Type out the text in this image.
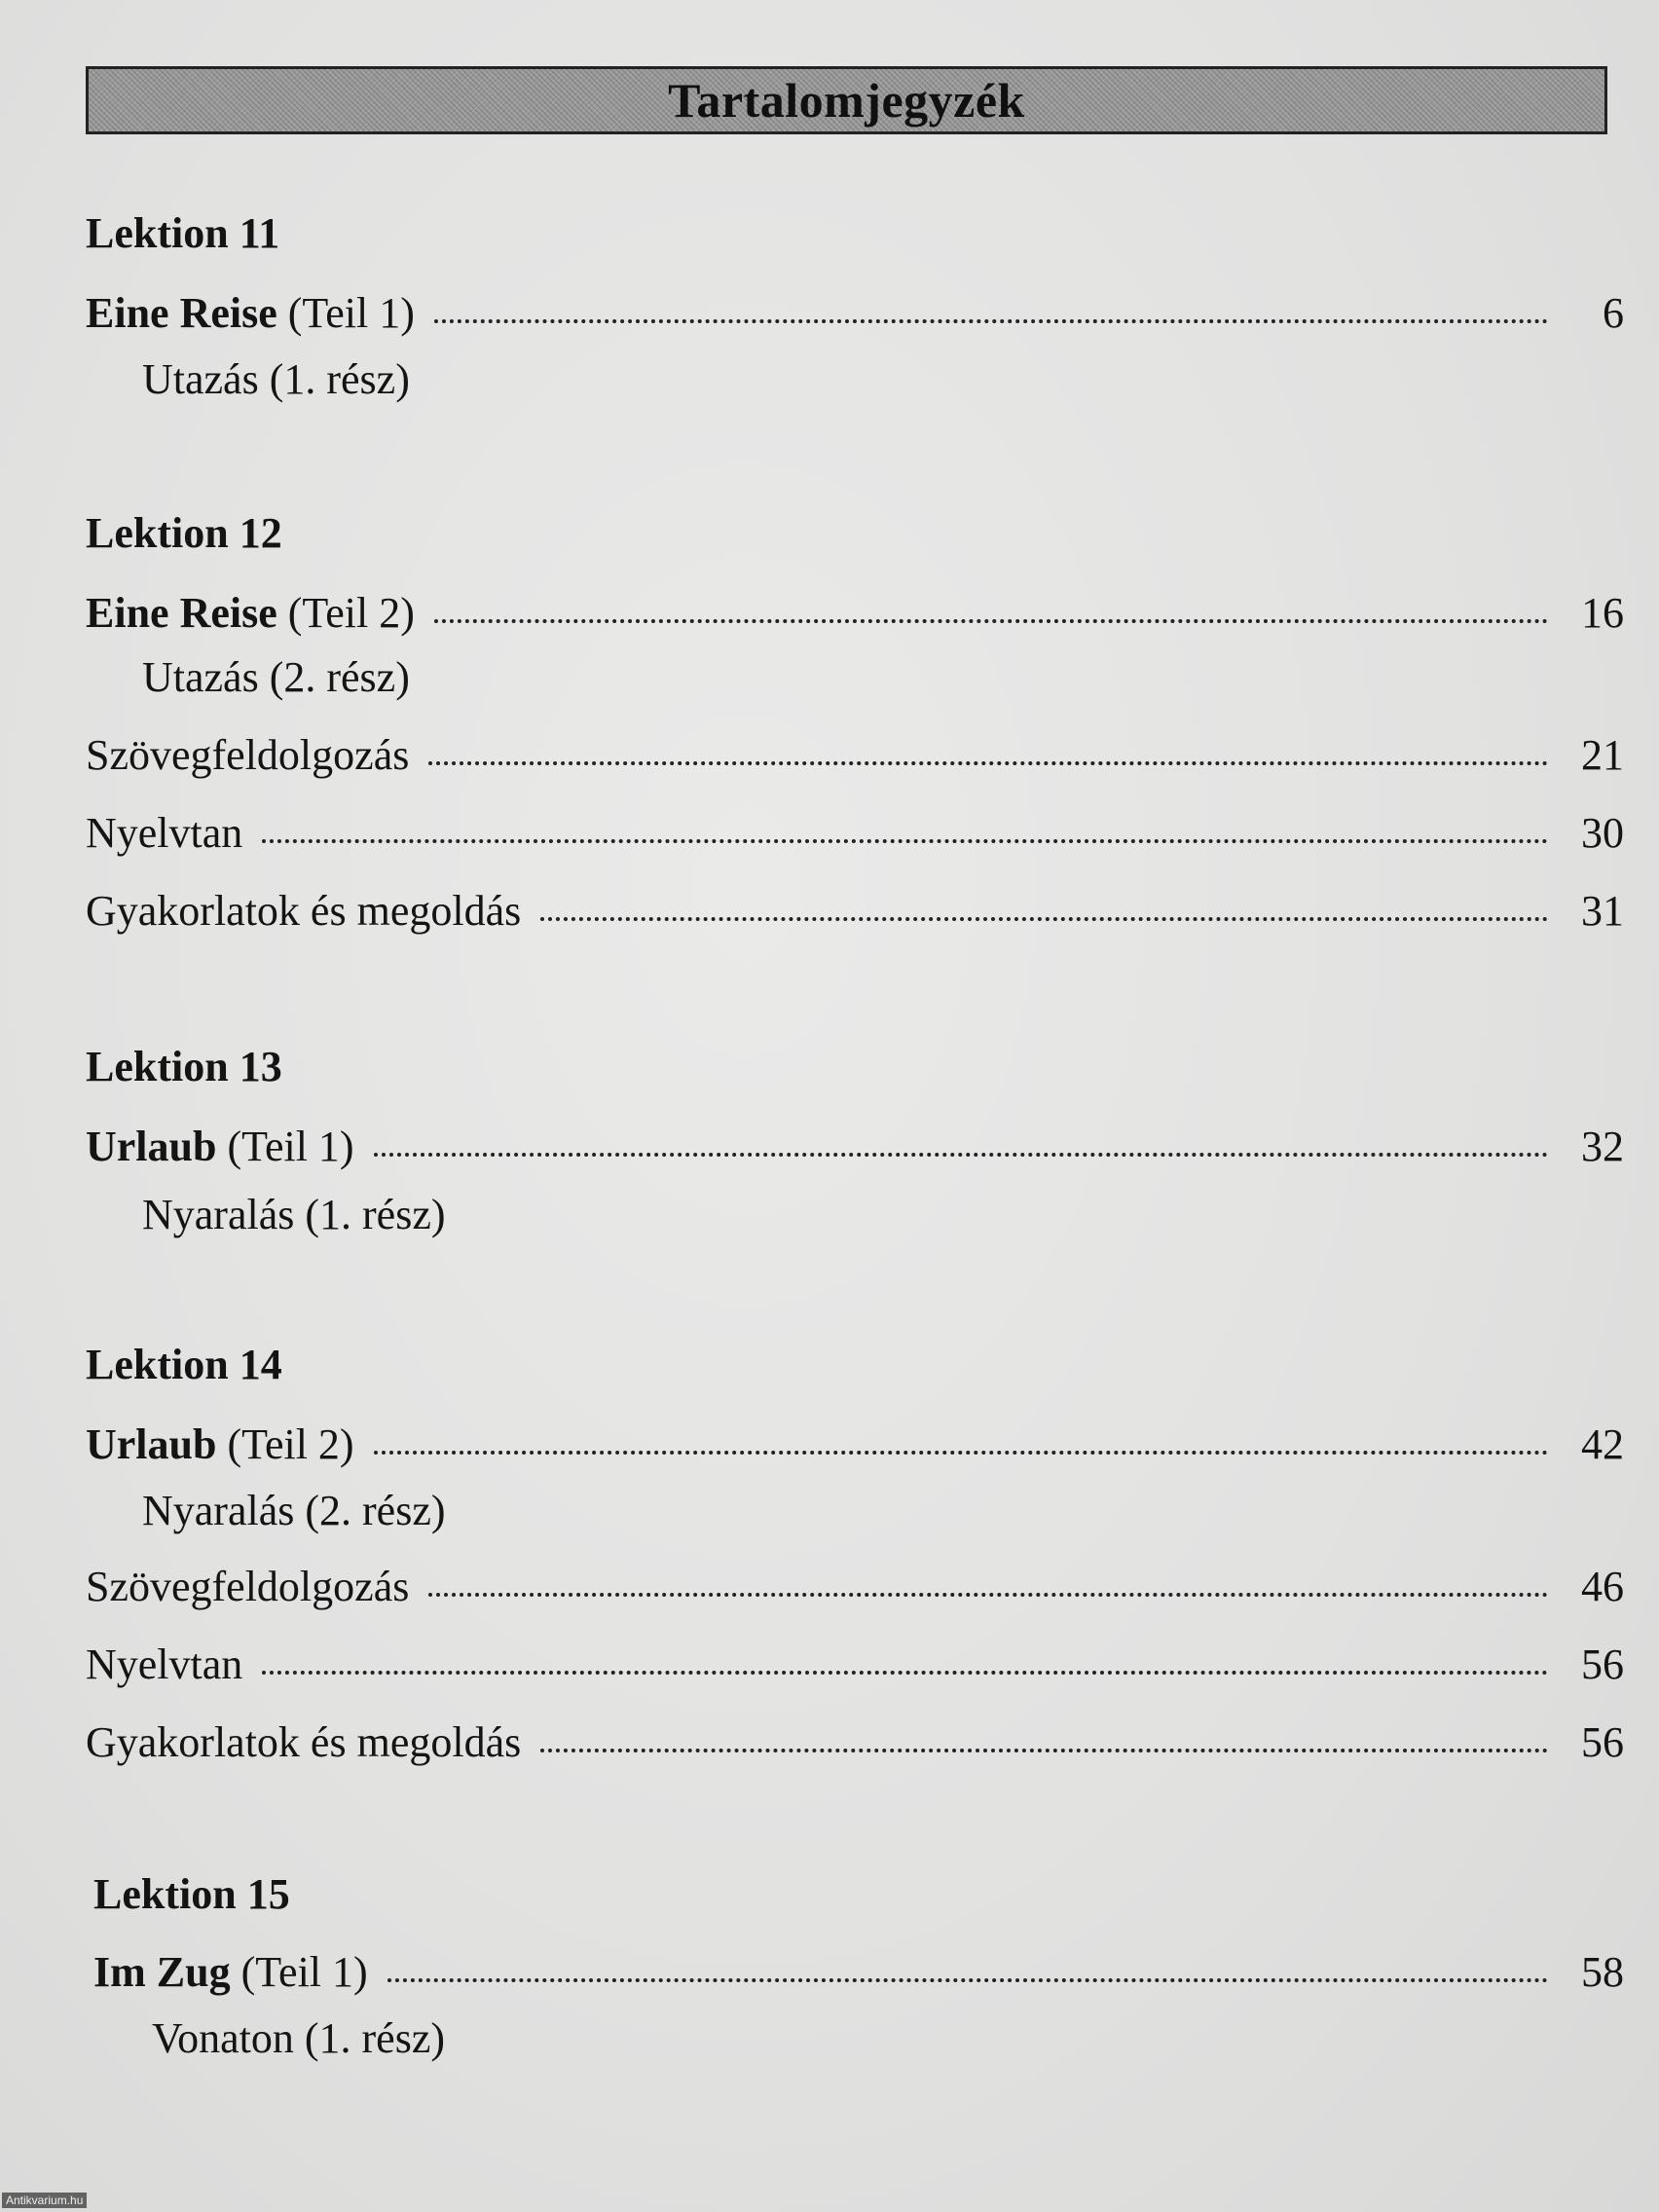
Tartalomjegyzék
Lektion 11
Eine Reise (Teil 1)	6
Utazás (1. rész)
Lektion 12
Eine Reise (Teil 2)	16
Utazás (2. rész)
Szövegfeldolgozás	21
Nyelvtan	30
Gyakorlatok és megoldás	31
Lektion 13
Urlaub (Teil 1)	32
Nyaralás (1. rész)
Lektion 14
Urlaub (Teil 2)	42
Nyaralás (2. rész)
Szövegfeldolgozás	46
Nyelvtan	56
Gyakorlatok és megoldás	56
Lektion 15
Im Zug (Teil 1)	58
Vonaton (1. rész)
Antikvarium.hu
